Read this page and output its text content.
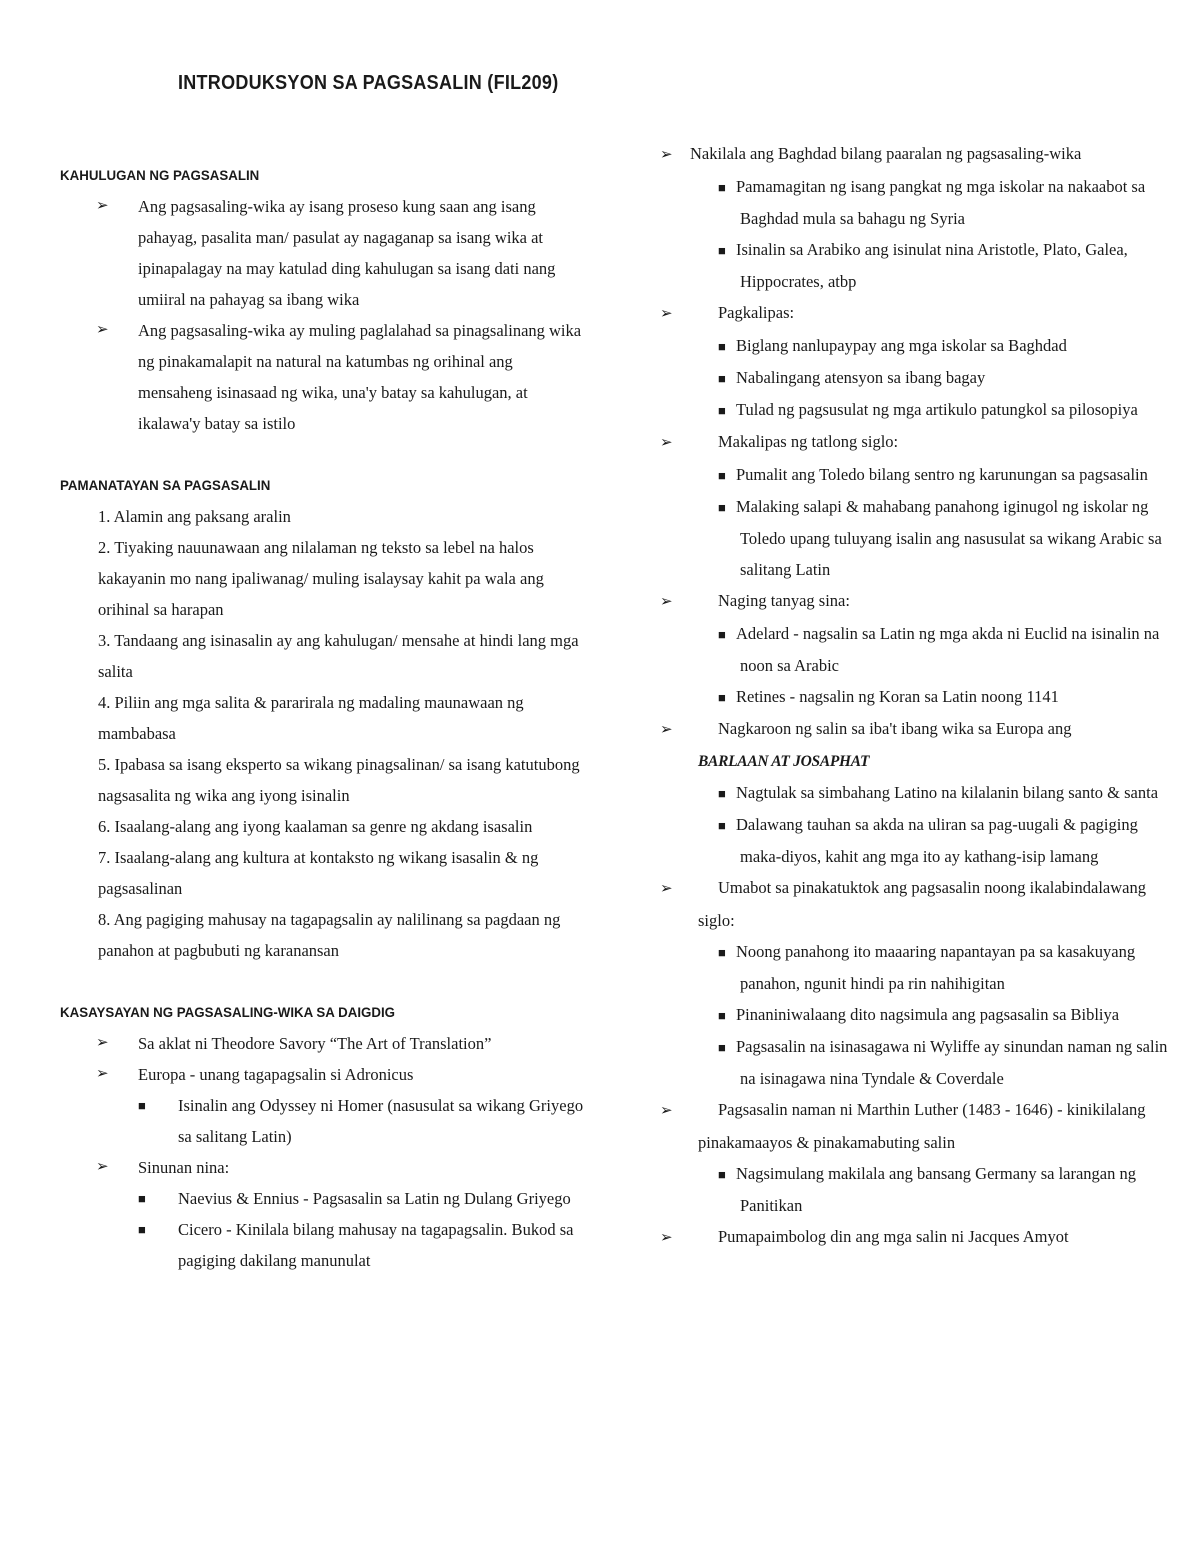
INTRODUKSYON SA PAGSASALIN (FIL209)
KAHULUGAN NG PAGSASALIN
➢ Ang pagsasaling-wika ay isang proseso kung saan ang isang pahayag, pasalita man/ pasulat ay nagaganap sa isang wika at ipinapalagay na may katulad ding kahulugan sa isang dati nang umiiral na pahayag sa ibang wika
➢ Ang pagsasaling-wika ay muling paglalahad sa pinagsalinang wika ng pinakamalapit na natural na katumbas ng orihinal ang mensaheng isinasaad ng wika, una'y batay sa kahulugan, at ikalawa'y batay sa istilo
PAMANATAYAN SA PAGSASALIN
1. Alamin ang paksang aralin
2. Tiyaking nauunawaan ang nilalaman ng teksto sa lebel na halos kakayanin mo nang ipaliwanag/ muling isalaysay kahit pa wala ang orihinal sa harapan
3. Tandaang ang isinasalin ay ang kahulugan/ mensahe at hindi lang mga salita
4. Piliin ang mga salita & pararirala ng madaling maunawaan ng mambabasa
5. Ipabasa sa isang eksperto sa wikang pinagsalinan/ sa isang katutubong nagsasalita ng wika ang iyong isinalin
6. Isaalang-alang ang iyong kaalaman sa genre ng akdang isasalin
7. Isaalang-alang ang kultura at kontaksto ng wikang isasalin & ng pagsasalinan
8. Ang pagiging mahusay na tagapagsalin ay nalilinang sa pagdaan ng panahon at pagbubuti ng karanansan
KASAYSAYAN NG PAGSASALING-WIKA SA DAIGDIG
➢ Sa aklat ni Theodore Savory “The Art of Translation”
➢ Europa - unang tagapagsalin si Adronicus
■ Isinalin ang Odyssey ni Homer (nasusulat sa wikang Griyego sa salitang Latin)
➢ Sinunan nina:
■ Naevius & Ennius - Pagsasalin sa Latin ng Dulang Griyego
■ Cicero - Kinilala bilang mahusay na tagapagsalin. Bukod sa pagiging dakilang manunulat
➢ Nakilala ang Baghdad bilang paaralan ng pagsasaling-wika
■ Pamamagitan ng isang pangkat ng mga iskolar na nakaabot sa Baghdad mula sa bahagu ng Syria
■ Isinalin sa Arabiko ang isinulat nina Aristotle, Plato, Galea, Hippocrates, atbp
➢	Pagkalipas:
■ Biglang nanlupaypay ang mga iskolar sa Baghdad
■ Nabalingang atensyon sa ibang bagay
■ Tulad ng pagsusulat ng mga artikulo patungkol sa pilosopiya
➢	Makalipas ng tatlong siglo:
■ Pumalit ang Toledo bilang sentro ng karunungan sa pagsasalin
■ Malaking salapi & mahabang panahong iginugol ng iskolar ng Toledo upang tuluyang isalin ang nasusulat sa wikang Arabic sa salitang Latin
➢	Naging tanyag sina:
■ Adelard - nagsalin sa Latin ng mga akda ni Euclid na isinalin na noon sa Arabic
■ Retines - nagsalin ng Koran sa Latin noong 1141
➢	Nagkaroon ng salin sa iba't ibang wika sa Europa ang
BARLAAN AT JOSAPHAT
■ Nagtulak sa simbahang Latino na kilalanin bilang santo & santa
■ Dalawang tauhan sa akda na uliran sa pag-uugali & pagiging maka-diyos, kahit ang mga ito ay kathang-isip lamang
➢	Umabot sa pinakatuktok ang pagsasalin noong ikalabindalawang siglo:
■ Noong panahong ito maaaring napantayan pa sa kasakuyang panahon, ngunit hindi pa rin nahihigitan
■ Pinaniniwalaang dito nagsimula ang pagsasalin sa Bibliya
■ Pagsasalin na isinasagawa ni Wyliffe ay sinundan naman ng salin na isinagawa nina Tyndale & Coverdale
➢	Pagsasalin naman ni Marthin Luther (1483 - 1646) - kinikilalang pinakamaayos & pinakamabuting salin
■ Nagsimulang makilala ang bansang Germany sa larangan ng Panitikan
➢	Pumapaimbolog din ang mga salin ni Jacques Amyot
